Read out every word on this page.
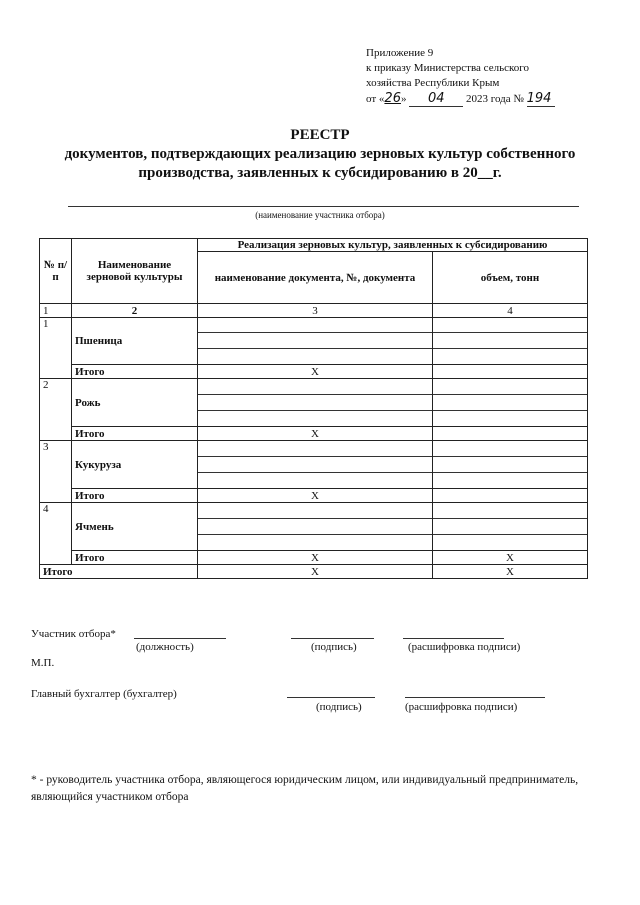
Приложение 9
к приказу Министерства сельского
хозяйства Республики Крым
от «26» 04 2023 года № 194
РЕЕСТР
документов, подтверждающих реализацию зерновых культур собственного
производства, заявленных к субсидированию в 20__г.
(наименование участника отбора)
№ п/п	Наименование зерновой культуры	Реализация зерновых культур, заявленных к субсидированию	
		наименование документа, №, документа	объем, тонн
1	2	3	4
1	Пшеница	

	Итого	X	
2	Рожь	

	Итого	X	
3	Кукуруза	

	Итого	X	
4	Ячмень	

	Итого	X	X
Итого		X	X
Участник отбора*
(должность)	(подпись)	(расшифровка подписи)
М.П.
Главный бухгалтер (бухгалтер)
(подпись)	(расшифровка подписи)
* - руководитель участника отбора, являющегося юридическим лицом, или индивидуальный предприниматель, являющийся участником отбора
